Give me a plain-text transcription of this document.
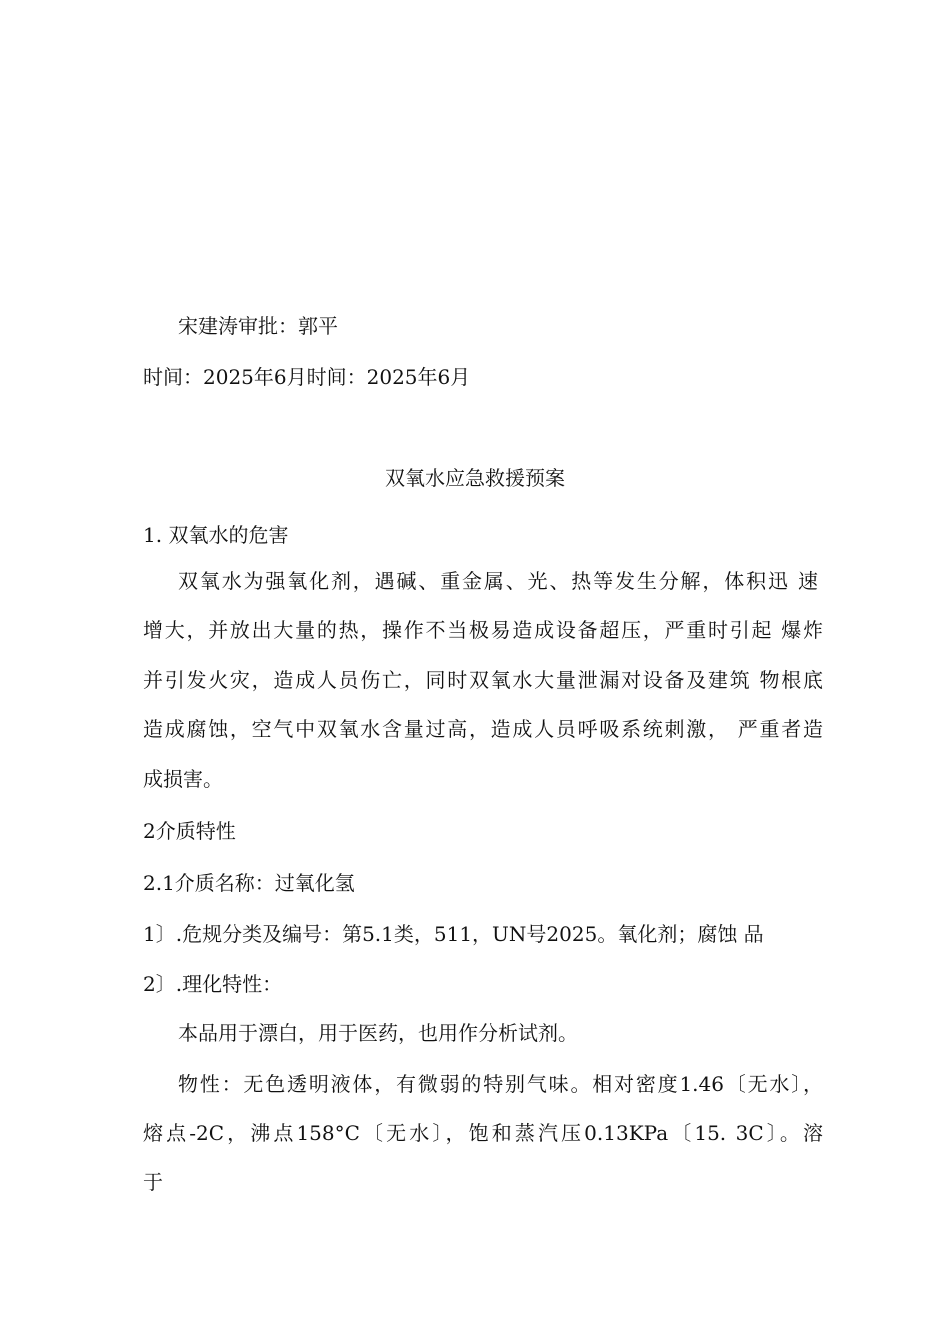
宋建涛审批：郭平
时间：2025年6月时间：2025年6月
双氧水应急救援预案
1. 双氧水的危害
双氧水为强氧化剂，遇碱、重金属、光、热等发生分解，体积迅 速
增大，并放出大量的热，操作不当极易造成设备超压，严重时引起 爆炸
并引发火灾，造成人员伤亡，同时双氧水大量泄漏对设备及建筑 物根底
造成腐蚀，空气中双氧水含量过高，造成人员呼吸系统刺激， 严重者造
成损害。
2介质特性
2.1介质名称：过氧化氢
1〕.危规分类及编号：第5.1类，511，UN号2025。氧化剂；腐蚀 品
2〕.理化特性：
本品用于漂白，用于医药，也用作分析试剂。
物性：无色透明液体，有微弱的特别气味。相对密度1.46〔无水〕，
熔点-2C，沸点158°C〔无水〕，饱和蒸汽压0.13KPa〔15. 3C〕。溶
于
